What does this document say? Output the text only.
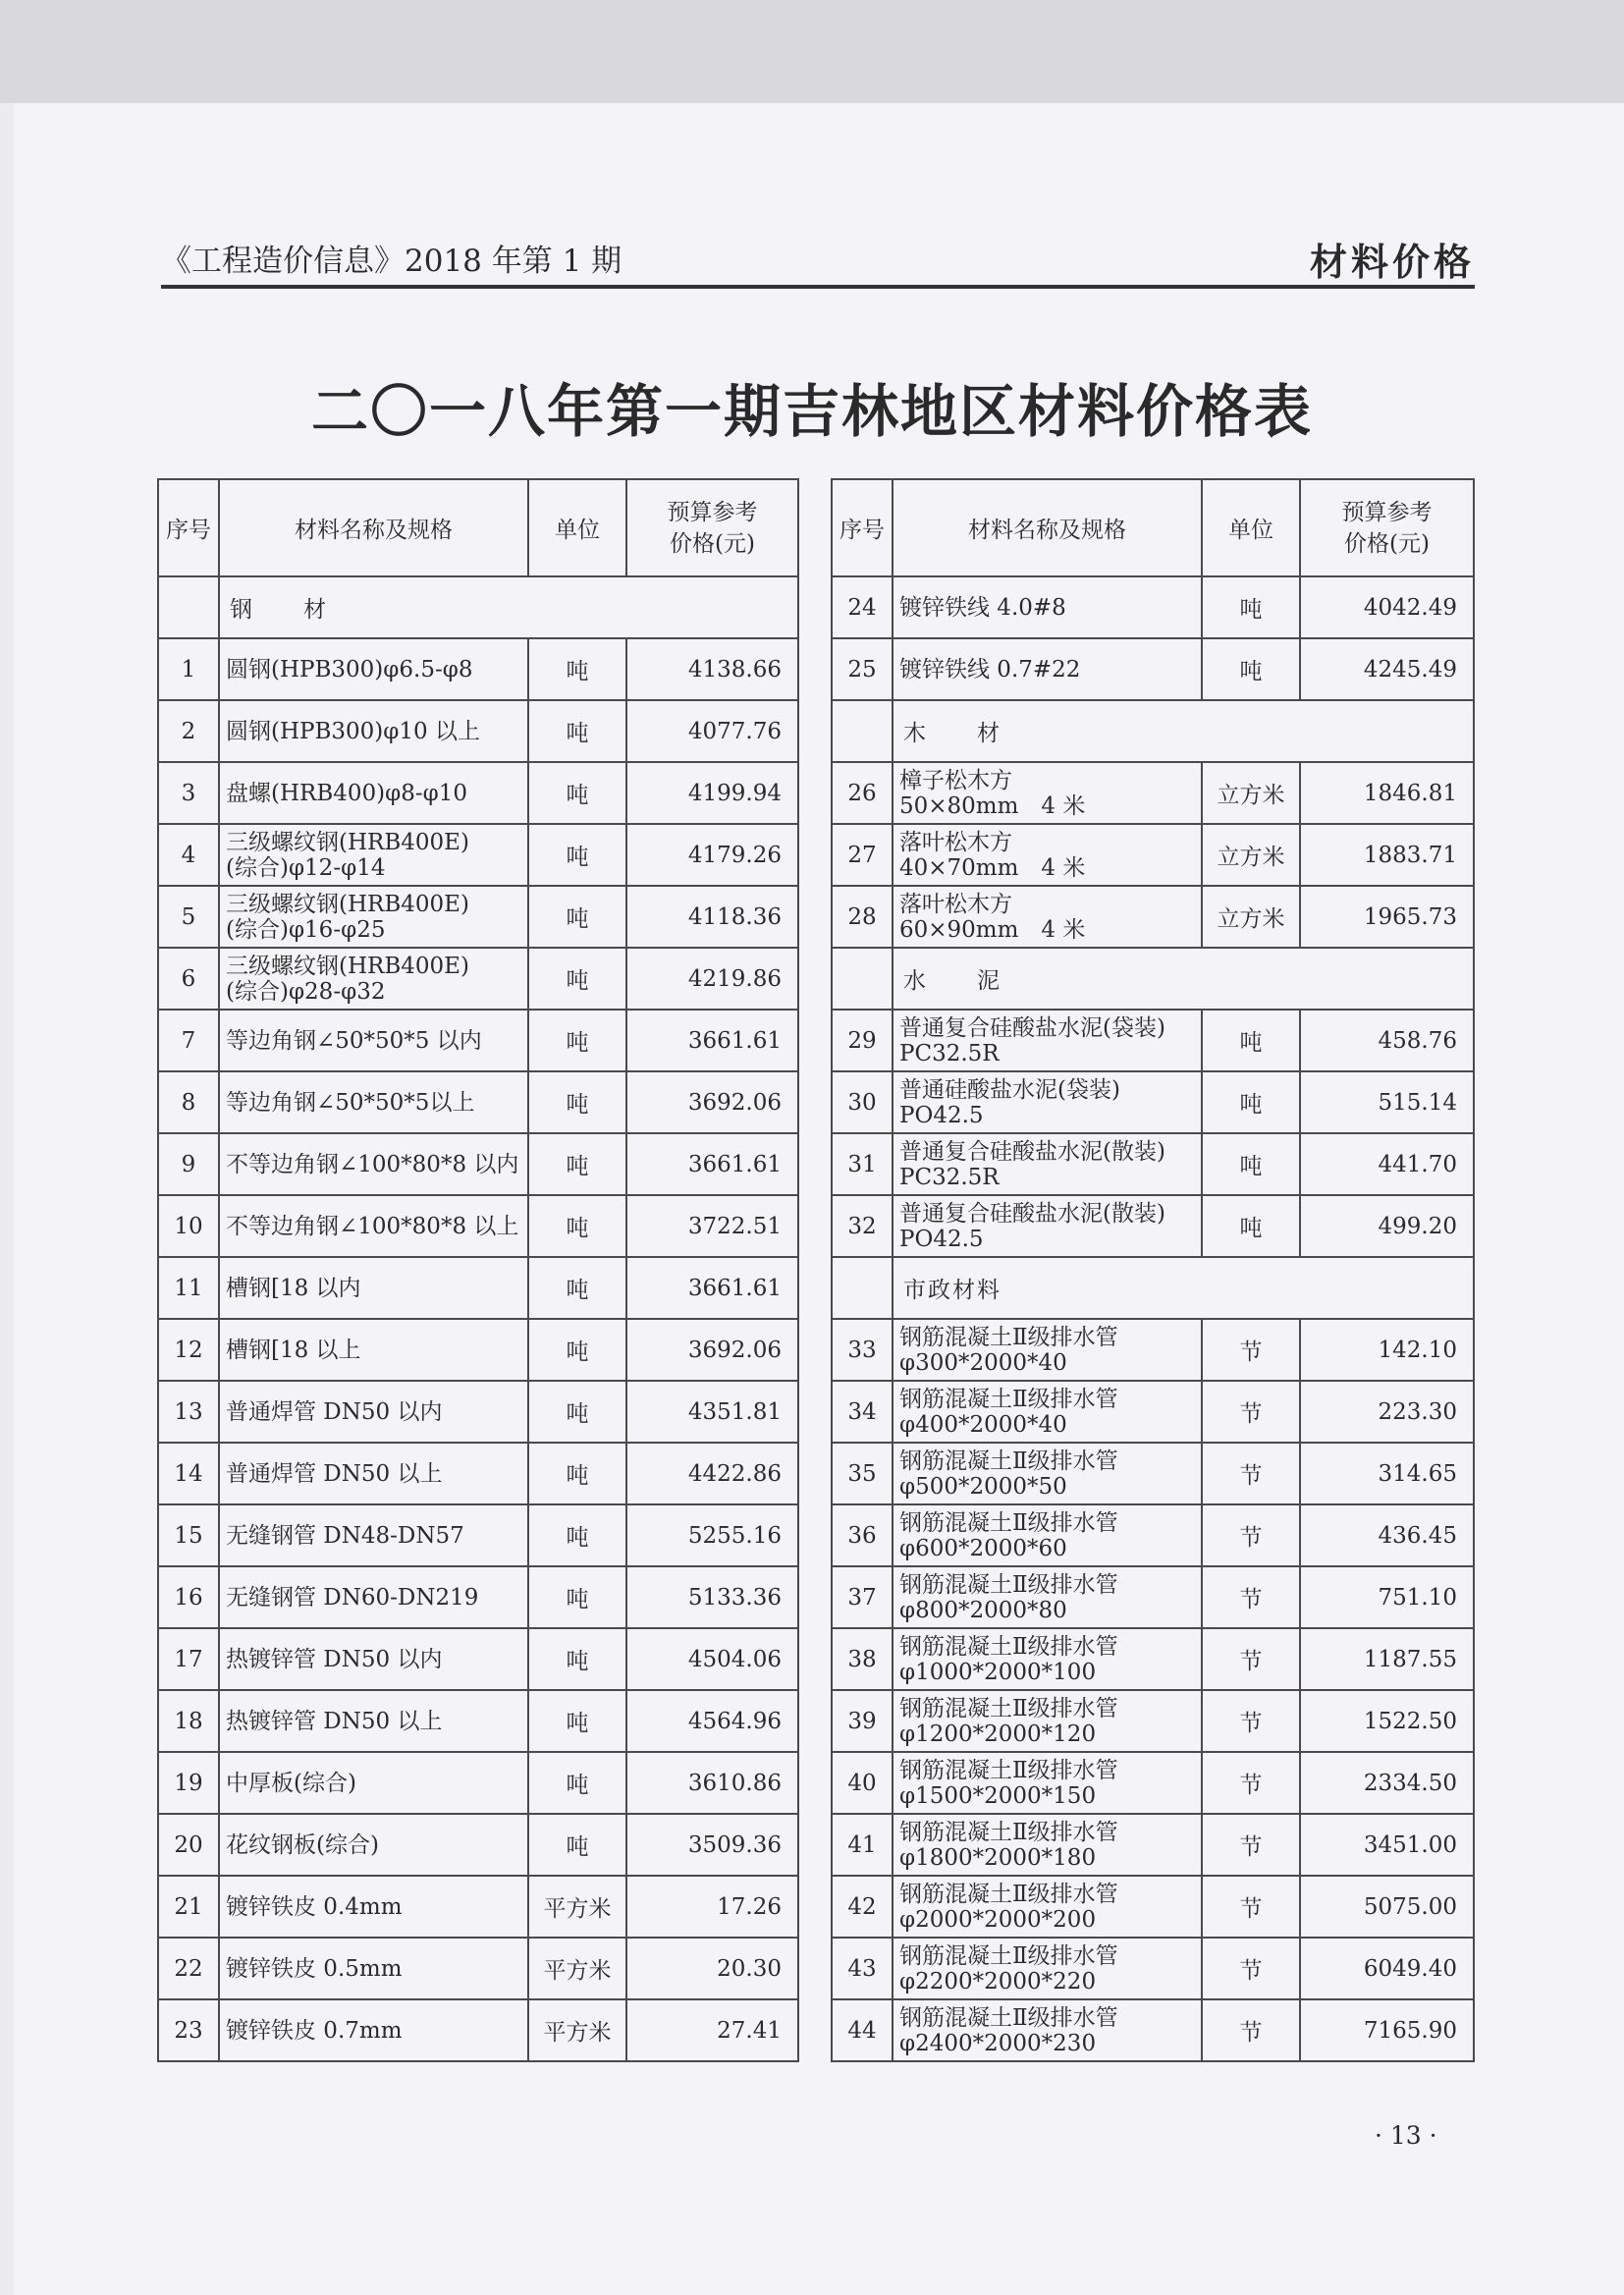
《工程造价信息》2018 年第 1 期	材料价格
二〇一八年第一期吉林地区材料价格表
序号	材料名称及规格	单位	预算参考
价格(元)

	钢　　材		
1	圆钢(HPB300)φ6.5-φ8	吨	4138.66
2	圆钢(HPB300)φ10 以上	吨	4077.76
3	盘螺(HRB400)φ8-φ10	吨	4199.94
4	三级螺纹钢(HRB400E)
(综合)φ12-φ14	吨	4179.26
5	三级螺纹钢(HRB400E)
(综合)φ16-φ25	吨	4118.36
6	三级螺纹钢(HRB400E)
(综合)φ28-φ32	吨	4219.86
7	等边角钢∠50*50*5 以内	吨	3661.61
8	等边角钢∠50*50*5以上	吨	3692.06
9	不等边角钢∠100*80*8 以内	吨	3661.61
10	不等边角钢∠100*80*8 以上	吨	3722.51
11	槽钢[18 以内	吨	3661.61
12	槽钢[18 以上	吨	3692.06
13	普通焊管 DN50 以内	吨	4351.81
14	普通焊管 DN50 以上	吨	4422.86
15	无缝钢管 DN48-DN57	吨	5255.16
16	无缝钢管 DN60-DN219	吨	5133.36
17	热镀锌管 DN50 以内	吨	4504.06
18	热镀锌管 DN50 以上	吨	4564.96
19	中厚板(综合)	吨	3610.86
20	花纹钢板(综合)	吨	3509.36
21	镀锌铁皮 0.4mm	平方米	17.26
22	镀锌铁皮 0.5mm	平方米	20.30
23	镀锌铁皮 0.7mm	平方米	27.41
序号	材料名称及规格	单位	预算参考
价格(元)

24	镀锌铁线 4.0#8	吨	4042.49
25	镀锌铁线 0.7#22	吨	4245.49
	木　　材		
26	樟子松木方
50×80mm　4 米	立方米	1846.81
27	落叶松木方
40×70mm　4 米	立方米	1883.71
28	落叶松木方
60×90mm　4 米	立方米	1965.73
	水　　泥		
29	普通复合硅酸盐水泥(袋装)
PC32.5R	吨	458.76
30	普通硅酸盐水泥(袋装)
PO42.5	吨	515.14
31	普通复合硅酸盐水泥(散装)
PC32.5R	吨	441.70
32	普通复合硅酸盐水泥(散装)
PO42.5	吨	499.20
	市政材料		
33	钢筋混凝土Ⅱ级排水管
φ300*2000*40	节	142.10
34	钢筋混凝土Ⅱ级排水管
φ400*2000*40	节	223.30
35	钢筋混凝土Ⅱ级排水管
φ500*2000*50	节	314.65
36	钢筋混凝土Ⅱ级排水管
φ600*2000*60	节	436.45
37	钢筋混凝土Ⅱ级排水管
φ800*2000*80	节	751.10
38	钢筋混凝土Ⅱ级排水管
φ1000*2000*100	节	1187.55
39	钢筋混凝土Ⅱ级排水管
φ1200*2000*120	节	1522.50
40	钢筋混凝土Ⅱ级排水管
φ1500*2000*150	节	2334.50
41	钢筋混凝土Ⅱ级排水管
φ1800*2000*180	节	3451.00
42	钢筋混凝土Ⅱ级排水管
φ2000*2000*200	节	5075.00
43	钢筋混凝土Ⅱ级排水管
φ2200*2000*220	节	6049.40
44	钢筋混凝土Ⅱ级排水管
φ2400*2000*230	节	7165.90
· 13 ·
